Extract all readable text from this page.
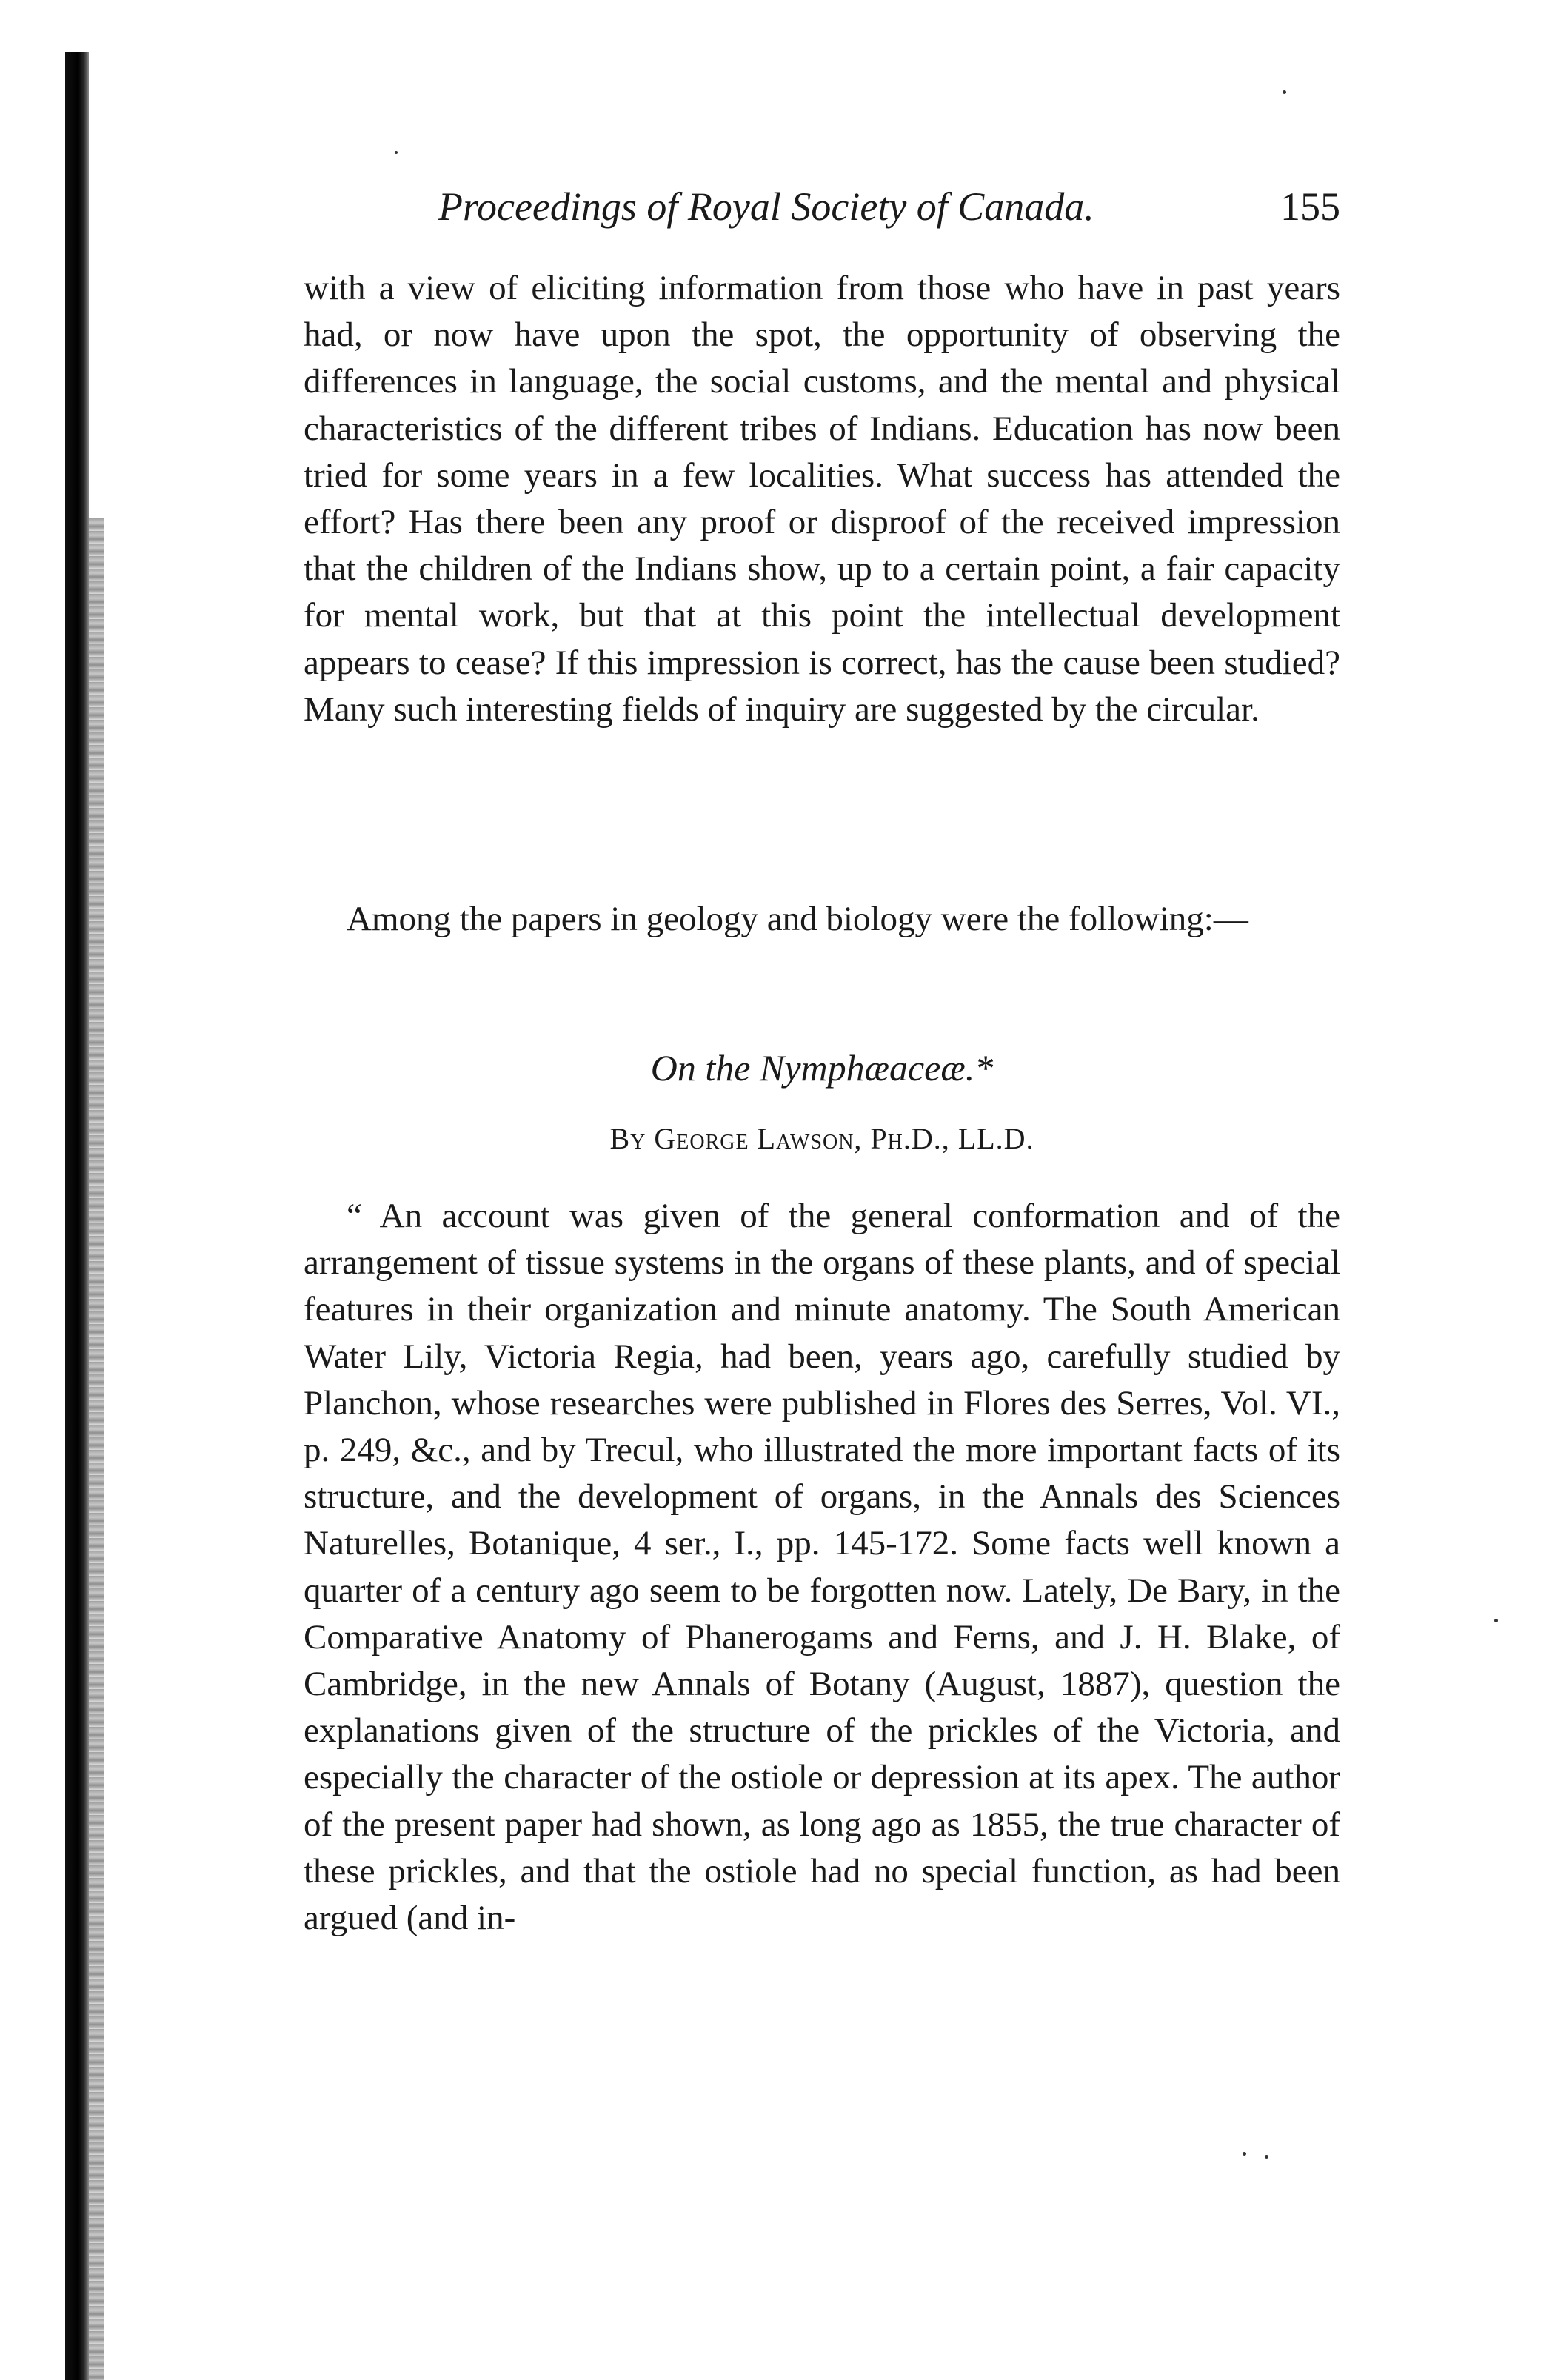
Proceedings of Royal Society of Canada.	155

with a view of eliciting information from those who have in past years had, or now have upon the spot, the opportunity of observing the differences in language, the social customs, and the mental and physical characteristics of the different tribes of Indians. Education has now been tried for some years in a few localities. What success has attended the effort? Has there been any proof or disproof of the received impression that the children of the Indians show, up to a certain point, a fair capacity for mental work, but that at this point the intellectual development appears to cease? If this impression is correct, has the cause been studied? Many such interesting fields of inquiry are suggested by the circular.

Among the papers in geology and biology were the following:—

On the Nymphæaceæ.*
By George Lawson, Ph.D., LL.D.

“ An account was given of the general conformation and of the arrangement of tissue systems in the organs of these plants, and of special features in their organization and minute anatomy. The South American Water Lily, Victoria Regia, had been, years ago, carefully studied by Planchon, whose researches were published in Flores des Serres, Vol. VI., p. 249, &c., and by Trecul, who illustrated the more important facts of its structure, and the development of organs, in the Annals des Sciences Naturelles, Botanique, 4 ser., I., pp. 145-172. Some facts well known a quarter of a century ago seem to be forgotten now. Lately, De Bary, in the Comparative Anatomy of Phanerogams and Ferns, and J. H. Blake, of Cambridge, in the new Annals of Botany (August, 1887), question the explanations given of the structure of the prickles of the Victoria, and especially the character of the ostiole or depression at its apex. The author of the present paper had shown, as long ago as 1855, the true character of these prickles, and that the ostiole had no special function, as had been argued (and in-
